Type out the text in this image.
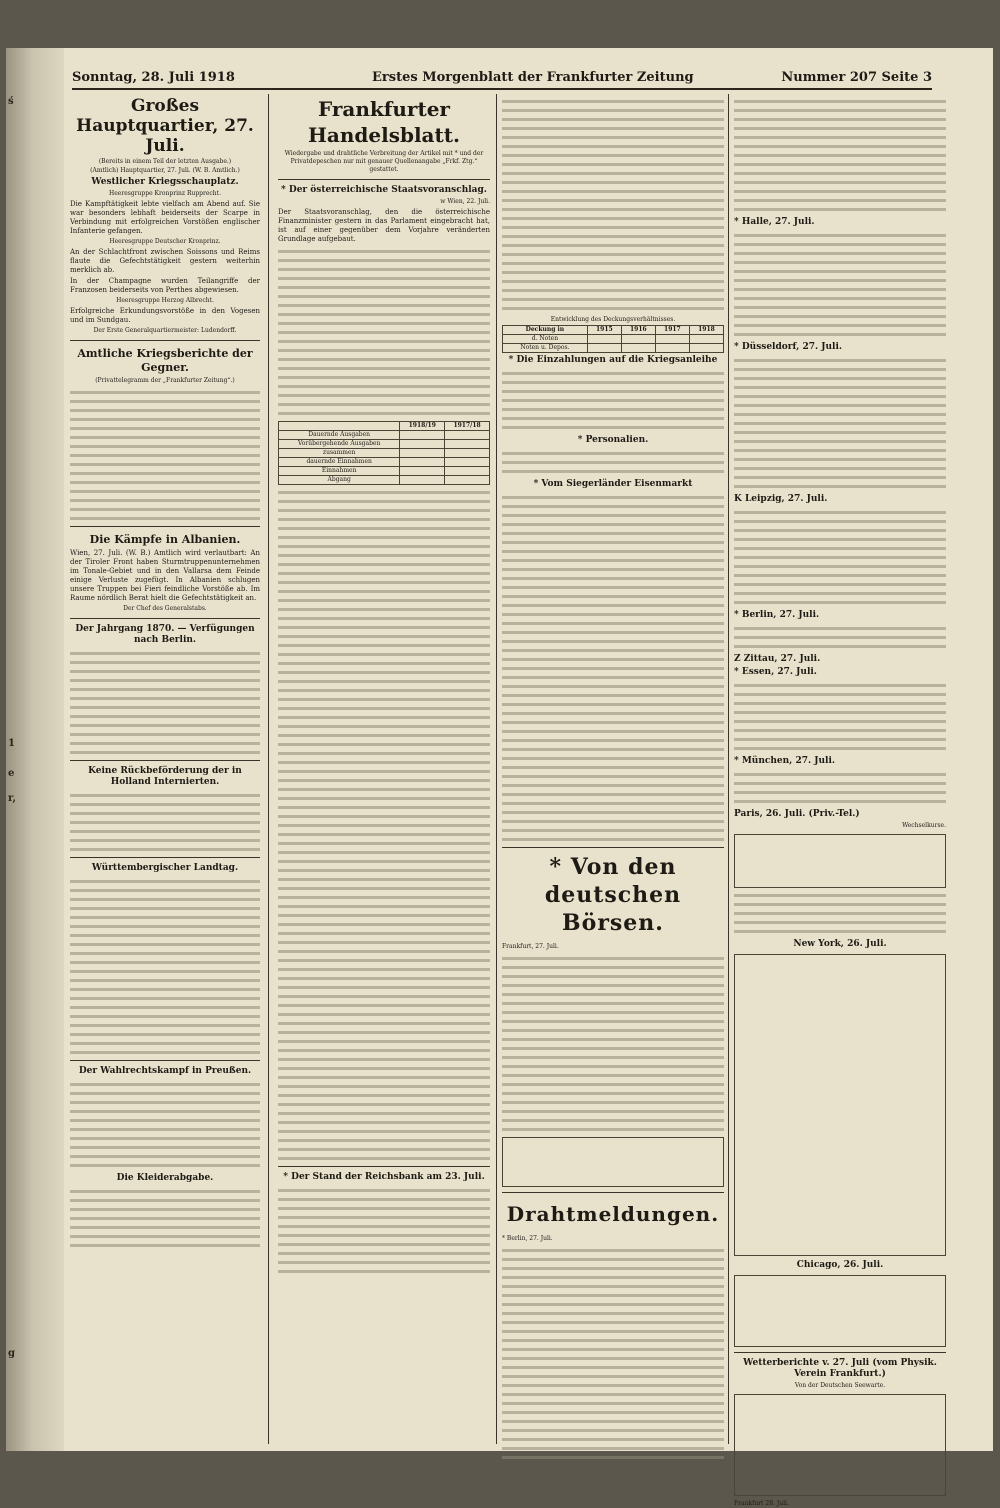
ś
1
e
r,
g
Sonntag, 28. Juli 1918	Erstes Morgenblatt der Frankfurter Zeitung	Nummer 207 Seite 3
Großes Hauptquartier, 27. Juli.
(Bereits in einem Teil der letzten Ausgabe.)
(Amtlich) Hauptquartier, 27. Juli. (W. B. Amtlich.)
Westlicher Kriegsschauplatz.
Heeresgruppe Kronprinz Rupprecht.
Die Kampftätigkeit lebte vielfach am Abend auf. Sie war besonders lebhaft beiderseits der Scarpe in Verbindung mit erfolgreichen Vorstößen englischer Infanterie gefangen.
Heeresgruppe Deutscher Kronprinz.
An der Schlachtfront zwischen Soissons und Reims flaute die Gefechtstätigkeit gestern weiterhin merklich ab.
In der Champagne wurden Teilangriffe der Franzosen beiderseits von Perthes abgewiesen.
Heeresgruppe Herzog Albrecht.
Erfolgreiche Erkundungsvorstöße in den Vogesen und im Sundgau.
Der Erste Generalquartiermeister: Ludendorff.
Amtliche Kriegsberichte der Gegner.
(Privattelegramm der „Frankfurter Zeitung“.)
Die Kämpfe in Albanien.
Wien, 27. Juli. (W. B.) Amtlich wird verlautbart: An der Tiroler Front haben Sturmtruppenunternehmen im Tonale-Gebiet und in den Vallarsa dem Feinde einige Verluste zugefügt. In Albanien schlugen unsere Truppen bei Fieri feindliche Vorstöße ab. Im Raume nördlich Berat hielt die Gefechtstätigkeit an.
Der Chef des Generalstabs.
Der Jahrgang 1870. — Verfügungen nach Berlin.
Keine Rückbeförderung der in Holland Internierten.
Württembergischer Landtag.
Der Wahlrechtskampf in Preußen.
Die Kleiderabgabe.
Frankfurter Handelsblatt.
Wiedergabe und drahtliche Verbreitung der Artikel mit * und der Privatdepeschen nur mit genauer Quellenangabe „Frkf. Ztg.“ gestattet.
* Der österreichische Staatsvoranschlag.
w Wien, 22. Juli.
Der Staatsvoranschlag, den die österreichische Finanzminister gestern in das Parlament eingebracht hat, ist auf einer gegenüber dem Vorjahre veränderten Grundlage aufgebaut.
	1918/19	1917/18
Dauernde Ausgaben		
Vorübergehende Ausgaben		
zusammen		
dauernde Einnahmen		
Einnahmen		
Abgang		
* Der Stand der Reichsbank am 23. Juli.
Entwicklung des Deckungsverhältnisses.
Deckung in	1915	1916	1917	1918
d. Noten				
Noten u. Depos.				
* Die Einzahlungen auf die Kriegsanleihe
* Personalien.
* Vom Siegerländer Eisenmarkt
* Von den deutschen Börsen.
Frankfurt, 27. Juli.
Drahtmeldungen.
* Berlin, 27. Juli.
* Halle, 27. Juli.
* Düsseldorf, 27. Juli.
K Leipzig, 27. Juli.
* Berlin, 27. Juli.
Z Zittau, 27. Juli.
* Essen, 27. Juli.
* München, 27. Juli.
Paris, 26. Juli. (Priv.-Tel.)
Wechselkurse.
New York, 26. Juli.
Chicago, 26. Juli.
Wetterberichte v. 27. Juli (vom Physik. Verein Frankfurt.)
Von der Deutschen Seewarte.
Frankfurt 28. Juli.
